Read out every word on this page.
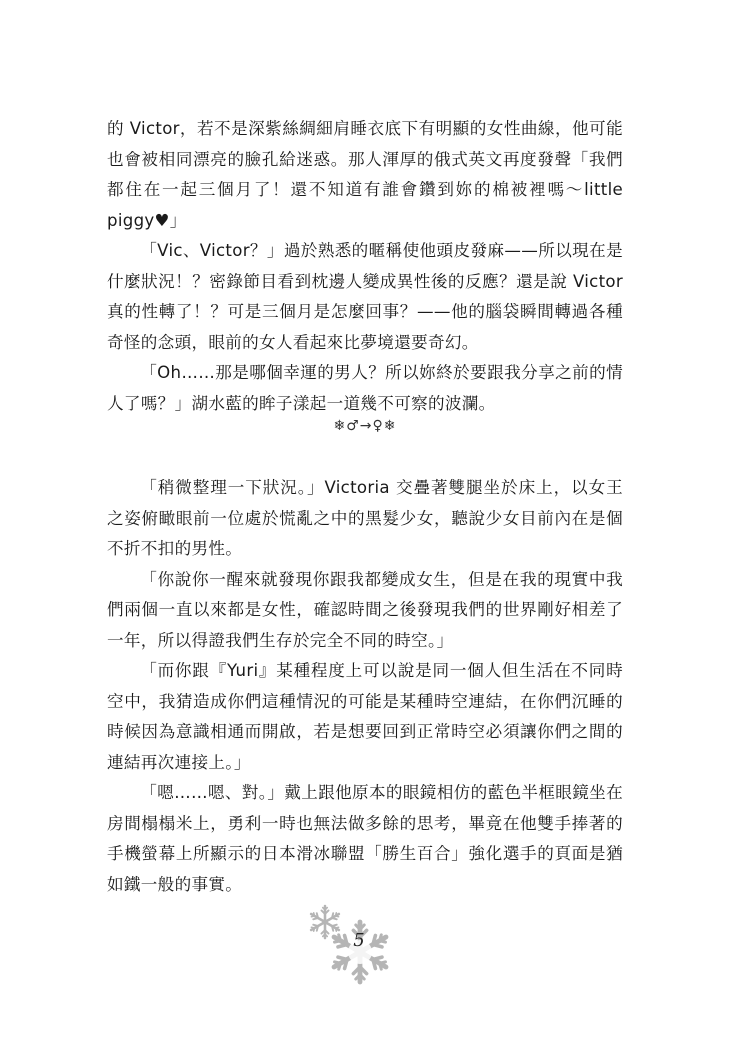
的 Victor，若不是深紫絲綢細肩睡衣底下有明顯的女性曲線，他可能也會被相同漂亮的臉孔給迷惑。那人渾厚的俄式英文再度發聲「我們都住在一起三個月了！還不知道有誰會鑽到妳的棉被裡嗎～little piggy♥」

「Vic、Victor？」過於熟悉的暱稱使他頭皮發麻——所以現在是什麼狀況！？密錄節目看到枕邊人變成異性後的反應？還是說 Victor 真的性轉了！？可是三個月是怎麼回事？——他的腦袋瞬間轉過各種奇怪的念頭，眼前的女人看起來比夢境還要奇幻。

「Oh……那是哪個幸運的男人？所以妳終於要跟我分享之前的情人了嗎？」湖水藍的眸子漾起一道幾不可察的波瀾。

❄♂→♀❄

「稍微整理一下狀況。」Victoria 交疊著雙腿坐於床上，以女王之姿俯瞰眼前一位處於慌亂之中的黑髮少女，聽說少女目前內在是個不折不扣的男性。

「你說你一醒來就發現你跟我都變成女生，但是在我的現實中我們兩個一直以來都是女性，確認時間之後發現我們的世界剛好相差了一年，所以得證我們生存於完全不同的時空。」

「而你跟『Yuri』某種程度上可以說是同一個人但生活在不同時空中，我猜造成你們這種情況的可能是某種時空連結，在你們沉睡的時候因為意識相通而開啟，若是想要回到正常時空必須讓你們之間的連結再次連接上。」

「嗯……嗯、對。」戴上跟他原本的眼鏡相仿的藍色半框眼鏡坐在房間榻榻米上，勇利一時也無法做多餘的思考，畢竟在他雙手捧著的手機螢幕上所顯示的日本滑冰聯盟「勝生百合」強化選手的頁面是猶如鐵一般的事實。

5
